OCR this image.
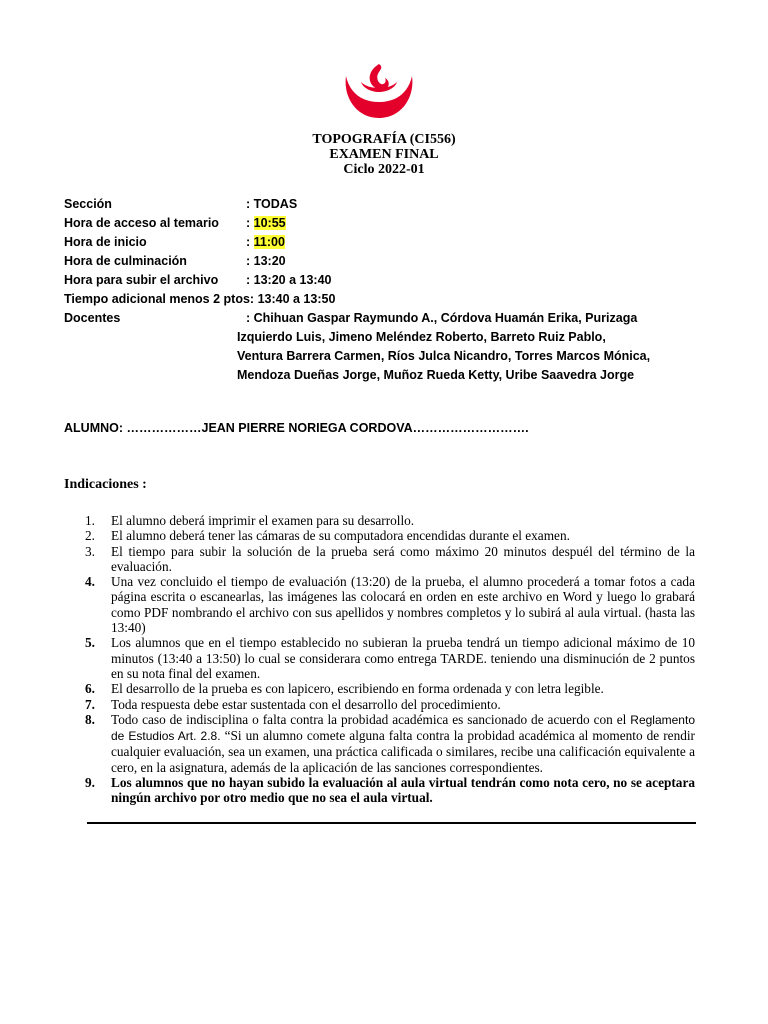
TOPOGRAFÍA (CI556)
EXAMEN FINAL
Ciclo 2022-01
Sección	: TODAS
Hora de acceso al temario : 10:55
Hora de inicio	: 11:00
Hora de culminación	: 13:20
Hora para subir el archivo : 13:20 a 13:40
Tiempo adicional menos 2 ptos: 13:40 a 13:50
Docentes	: Chihuan Gaspar Raymundo A., Córdova Huamán Erika, Purizaga
Izquierdo Luis, Jimeno Meléndez Roberto, Barreto Ruiz Pablo,
Ventura Barrera Carmen, Ríos Julca Nicandro, Torres Marcos Mónica,
Mendoza Dueñas Jorge, Muñoz Rueda Ketty, Uribe Saavedra Jorge
ALUMNO: ………………JEAN PIERRE NORIEGA CORDOVA……………………….
Indicaciones :
1.	El alumno deberá imprimir el examen para su desarrollo.
2.	El alumno deberá tener las cámaras de su computadora encendidas durante el examen.
3.	El tiempo para subir la solución de la prueba será como máximo 20 minutos despuél del término de la evaluación.
4.	Una vez concluido el tiempo de evaluación (13:20) de la prueba, el alumno procederá a tomar fotos a cada página escrita o escanearlas, las imágenes las colocará en orden en este archivo en Word y luego lo grabará como PDF nombrando el archivo con sus apellidos y nombres completos y lo subirá al aula virtual. (hasta las 13:40)
5.	Los alumnos que en el tiempo establecido no subieran la prueba tendrá un tiempo adicional máximo de 10 minutos (13:40 a 13:50) lo cual se considerara como entrega TARDE. teniendo una disminución de 2 puntos en su nota final del examen.
6.	El desarrollo de la prueba es con lapicero, escribiendo en forma ordenada y con letra legible.
7.	Toda respuesta debe estar sustentada con el desarrollo del procedimiento.
8.	Todo caso de indisciplina o falta contra la probidad académica es sancionado de acuerdo con el Reglamento de Estudios Art. 2.8. “Si un alumno comete alguna falta contra la probidad académica al momento de rendir cualquier evaluación, sea un examen, una práctica calificada o similares, recibe una calificación equivalente a cero, en la asignatura, además de la aplicación de las sanciones correspondientes.
9.	Los alumnos que no hayan subido la evaluación al aula virtual tendrán como nota cero, no se aceptara ningún archivo por otro medio que no sea el aula virtual.
